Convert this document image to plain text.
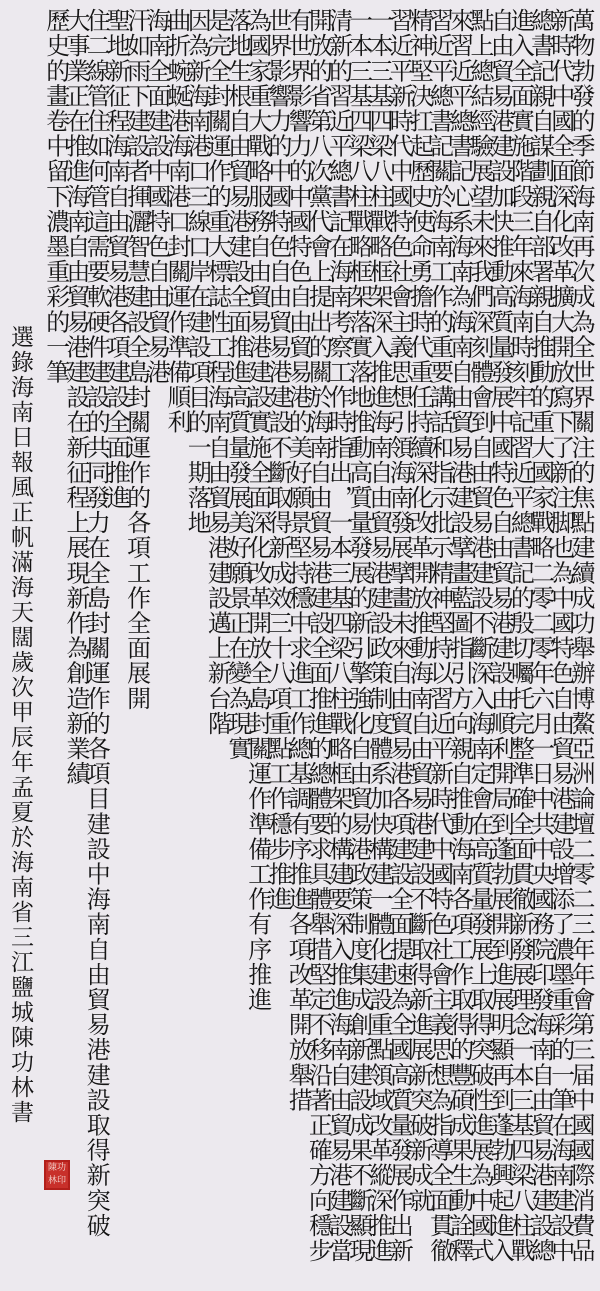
萬物勃發的季節海南再次成為全世界關注的焦點建續成功舉辦博鰲亞洲論壇二零二三年年會第三届中國國際消費品
新時代中國全面深化改革擴大開放寫下了新注脚也為中國特色自由貿易港建設增添了濃墨重彩的一筆在海南建設中
總書記親自謀劃親自部署親自推動的重大國家戰略二零二零年六月一日中共中央國務院印發海南自由貿易港建設總
進入全面實施階段三年來海南時刻牢記習近平總書記的殷切囑托完整準確全面貫徹新發展理念一本三基四梁八柱戰
自由貿易港建設加快推動高質量發展中國特色自由貿易港建設由順利開局到蓬勃展開到進展明顯再到蓬勃興起進入
點上總結經驗展望未來我們深刻體會到自由貿易港建設不斷深入海南定會在高質量發展上取得突破性進展為中國式
來習近平總書記心系海南為海南自由貿易港建設擘畫藍圖指引方向親自推動海南各項工作取得的豐碩成果生動詮釋
習近平總書記關於海南工作的重要講話和指示批示精神堅持以習近平新時代中國特色社會主義思想為指導全面貫徹
精神堅決扛起歷史使命勇擔時代重任持續深化改革開放推動海南自由貿易港建設不斷取得新進展新突破新成就
習近平新時代中國特色社會主義思想引領海南發展擘畫未來自由貿易港各項建設全面提速為全國高質量發展作出新
一本三基四梁八柱戰略框架深入推進海南自由貿易港建設政策制度體系加快構建一體化建設重點領域改革縱深推進
一本三基四梁八柱戰略框架落實落地推動高質量發展的新引擎強化自由貿易港政策制度集成創新建設成果不斷顯現
清新的習近平總書記在海南考察工作時指出，一本三基四梁八柱戰略框架的構建要深入推進海南自由貿易港建設當
開放的省第八次黨代會上提出的關於海南自由貿易港建設全面推進的總體要求具體舉措堅定不移沿著正確方向穩步
有世界影響力的中國特色自由貿易港的美好願景堅持穩中求進工作總基調有序推進各項改革開放舉措
世界影響力的中國特色自由貿易港建設不斷取得新成效三十八項重點工作穩步推進
為國家重大戰略服務自由貿易港建設實施全面深化改革開放全島封關運作準備工作有序推進
落地生根自由貿易港建設全面推進高質量發展美好願景正在變為現實
是完全封關運作的重大標誌性工程海南自由貿易港建設邁上新台階
因為新海南港口三線口岸在建設項目的一期落地
曲折蜿蜒港海南港口封關運作準備順利
海南全面建設中國特色自由貿易港
汗如雨下建設者揮灑智慧建設全島封關運作的各項工作全面展開
聖地新征程海南自由貿易港各項建設全面推進
住二線管住如何管這需要軟硬件建設的共同發力在全島封關運作的各項目建設中海南自由貿易港建設取得新突破
大事業正在推進海南自由貿易港建設在新征程上展現新作為創造新業績
歷史的畫卷中留下濃墨重彩的一筆
選錄海南日報風正帆滿海天闊歲次甲辰年孟夏於海南省三江鹽城陳功林書
陳功林印
